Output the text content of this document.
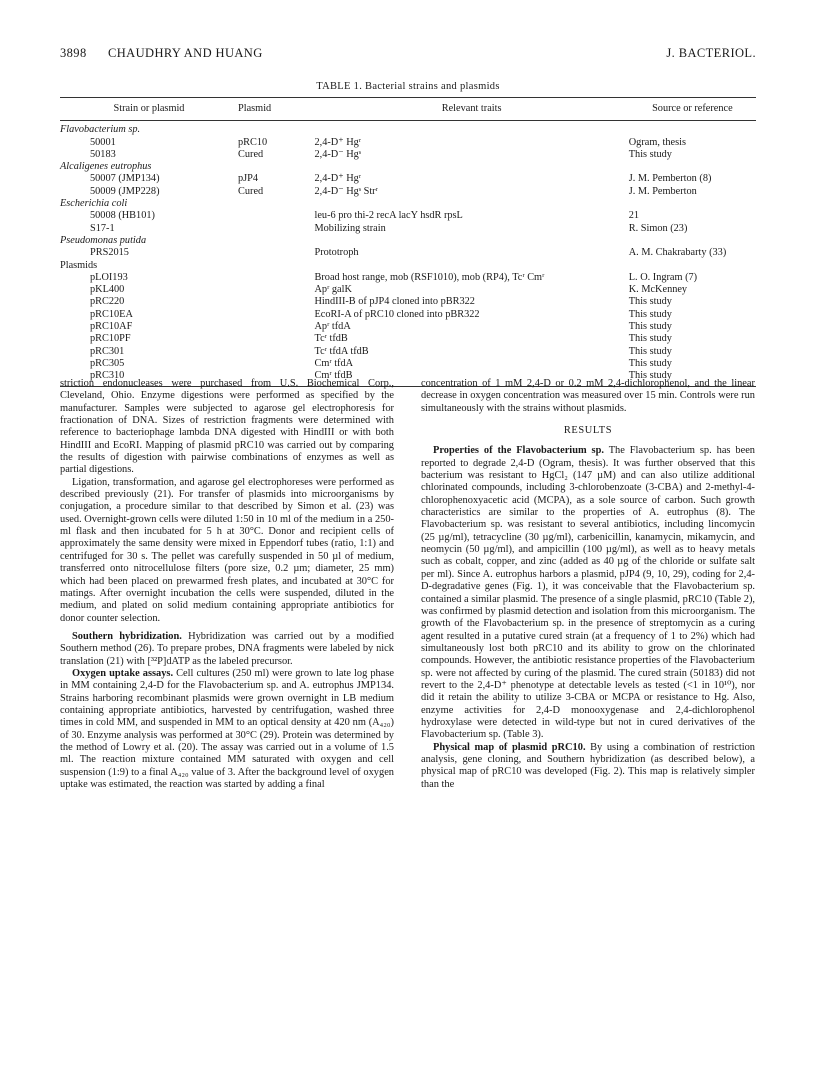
3898 CHAUDHRY AND HUANG	J. BACTERIOL.
TABLE 1. Bacterial strains and plasmids
Strain or plasmid	Plasmid	Relevant traits	Source or reference
Flavobacterium sp.			
50001	pRC10	2,4-D⁺ Hgʳ	Ogram, thesis
50183	Cured	2,4-D⁻ Hgˢ	This study
Alcaligenes eutrophus			
50007 (JMP134)	pJP4	2,4-D⁺ Hgʳ	J. M. Pemberton (8)
50009 (JMP228)	Cured	2,4-D⁻ Hgˢ Strʳ	J. M. Pemberton
Escherichia coli			
50008 (HB101)		leu-6 pro thi-2 recA lacY hsdR rpsL	21
S17-1		Mobilizing strain	R. Simon (23)
Pseudomonas putida			
PRS2015		Prototroph	A. M. Chakrabarty (33)
Plasmids			
pLOI193		Broad host range, mob (RSF1010), mob (RP4), Tcʳ Cmʳ	L. O. Ingram (7)
pKL400		Apʳ galK	K. McKenney
pRC220		HindIII-B of pJP4 cloned into pBR322	This study
pRC10EA		EcoRI-A of pRC10 cloned into pBR322	This study
pRC10AF		Apʳ tfdA	This study
pRC10PF		Tcʳ tfdB	This study
pRC301		Tcʳ tfdA tfdB	This study
pRC305		Cmʳ tfdA	This study
pRC310		Cmʳ tfdB	This study

striction endonucleases were purchased from U.S. Biochemical Corp., Cleveland, Ohio. Enzyme digestions were performed as specified by the manufacturer. Samples were subjected to agarose gel electrophoresis for fractionation of DNA. Sizes of restriction fragments were determined with reference to bacteriophage lambda DNA digested with HindIII or with both HindIII and EcoRI. Mapping of plasmid pRC10 was carried out by comparing the results of digestion with pairwise combinations of enzymes as well as partial digestions.

Ligation, transformation, and agarose gel electrophoreses were performed as described previously (21). For transfer of plasmids into microorganisms by conjugation, a procedure similar to that described by Simon et al. (23) was used. Overnight-grown cells were diluted 1:50 in 10 ml of the medium in a 250-ml flask and then incubated for 5 h at 30°C. Donor and recipient cells of approximately the same density were mixed in Eppendorf tubes (ratio, 1:1) and centrifuged for 30 s. The pellet was carefully suspended in 50 µl of medium, transferred onto nitrocellulose filters (pore size, 0.2 µm; diameter, 25 mm) which had been placed on prewarmed fresh plates, and incubated at 30°C for matings. After overnight incubation the cells were suspended, diluted in the medium, and plated on solid medium containing appropriate antibiotics for donor counter selection.

Southern hybridization. Hybridization was carried out by a modified Southern method (26). To prepare probes, DNA fragments were labeled by nick translation (21) with [³²P]dATP as the labeled precursor.

Oxygen uptake assays. Cell cultures (250 ml) were grown to late log phase in MM containing 2,4-D for the Flavobacterium sp. and A. eutrophus JMP134. Strains harboring recombinant plasmids were grown overnight in LB medium containing appropriate antibiotics, harvested by centrifugation, washed three times in cold MM, and suspended in MM to an optical density at 420 nm (A₄₂₀) of 30. Enzyme analysis was performed at 30°C (29). Protein was determined by the method of Lowry et al. (20). The assay was carried out in a volume of 1.5 ml. The reaction mixture contained MM saturated with oxygen and cell suspension (1:9) to a final A₄₂₀ value of 3. After the background level of oxygen uptake was estimated, the reaction was started by adding a final

concentration of 1 mM 2,4-D or 0.2 mM 2,4-dichlorophenol, and the linear decrease in oxygen concentration was measured over 15 min. Controls were run simultaneously with the strains without plasmids.

RESULTS

Properties of the Flavobacterium sp. The Flavobacterium sp. has been reported to degrade 2,4-D (Ogram, thesis). It was further observed that this bacterium was resistant to HgCl₂ (147 µM) and can also utilize additional chlorinated compounds, including 3-chlorobenzoate (3-CBA) and 2-methyl-4-chlorophenoxyacetic acid (MCPA), as a sole source of carbon. Such growth characteristics are similar to the properties of A. eutrophus (8). The Flavobacterium sp. was resistant to several antibiotics, including lincomycin (25 µg/ml), tetracycline (30 µg/ml), carbenicillin, kanamycin, mikamycin, and neomycin (50 µg/ml), and ampicillin (100 µg/ml), as well as to heavy metals such as cobalt, copper, and zinc (added as 40 µg of the chloride or sulfate salt per ml). Since A. eutrophus harbors a plasmid, pJP4 (9, 10, 29), coding for 2,4-D-degradative genes (Fig. 1), it was conceivable that the Flavobacterium sp. contained a similar plasmid. The presence of a single plasmid, pRC10 (Table 2), was confirmed by plasmid detection and isolation from this microorganism. The growth of the Flavobacterium sp. in the presence of streptomycin as a curing agent resulted in a putative cured strain (at a frequency of 1 to 2%) which had simultaneously lost both pRC10 and its ability to grow on the chlorinated compounds. However, the antibiotic resistance properties of the Flavobacterium sp. were not affected by curing of the plasmid. The cured strain (50183) did not revert to the 2,4-D⁺ phenotype at detectable levels as tested (<1 in 10¹⁰), nor did it retain the ability to utilize 3-CBA or MCPA or resistance to Hg. Also, enzyme activities for 2,4-D monooxygenase and 2,4-dichlorophenol hydroxylase were detected in wild-type but not in cured derivatives of the Flavobacterium sp. (Table 3).

Physical map of plasmid pRC10. By using a combination of restriction analysis, gene cloning, and Southern hybridization (as described below), a physical map of pRC10 was developed (Fig. 2). This map is relatively simpler than the
